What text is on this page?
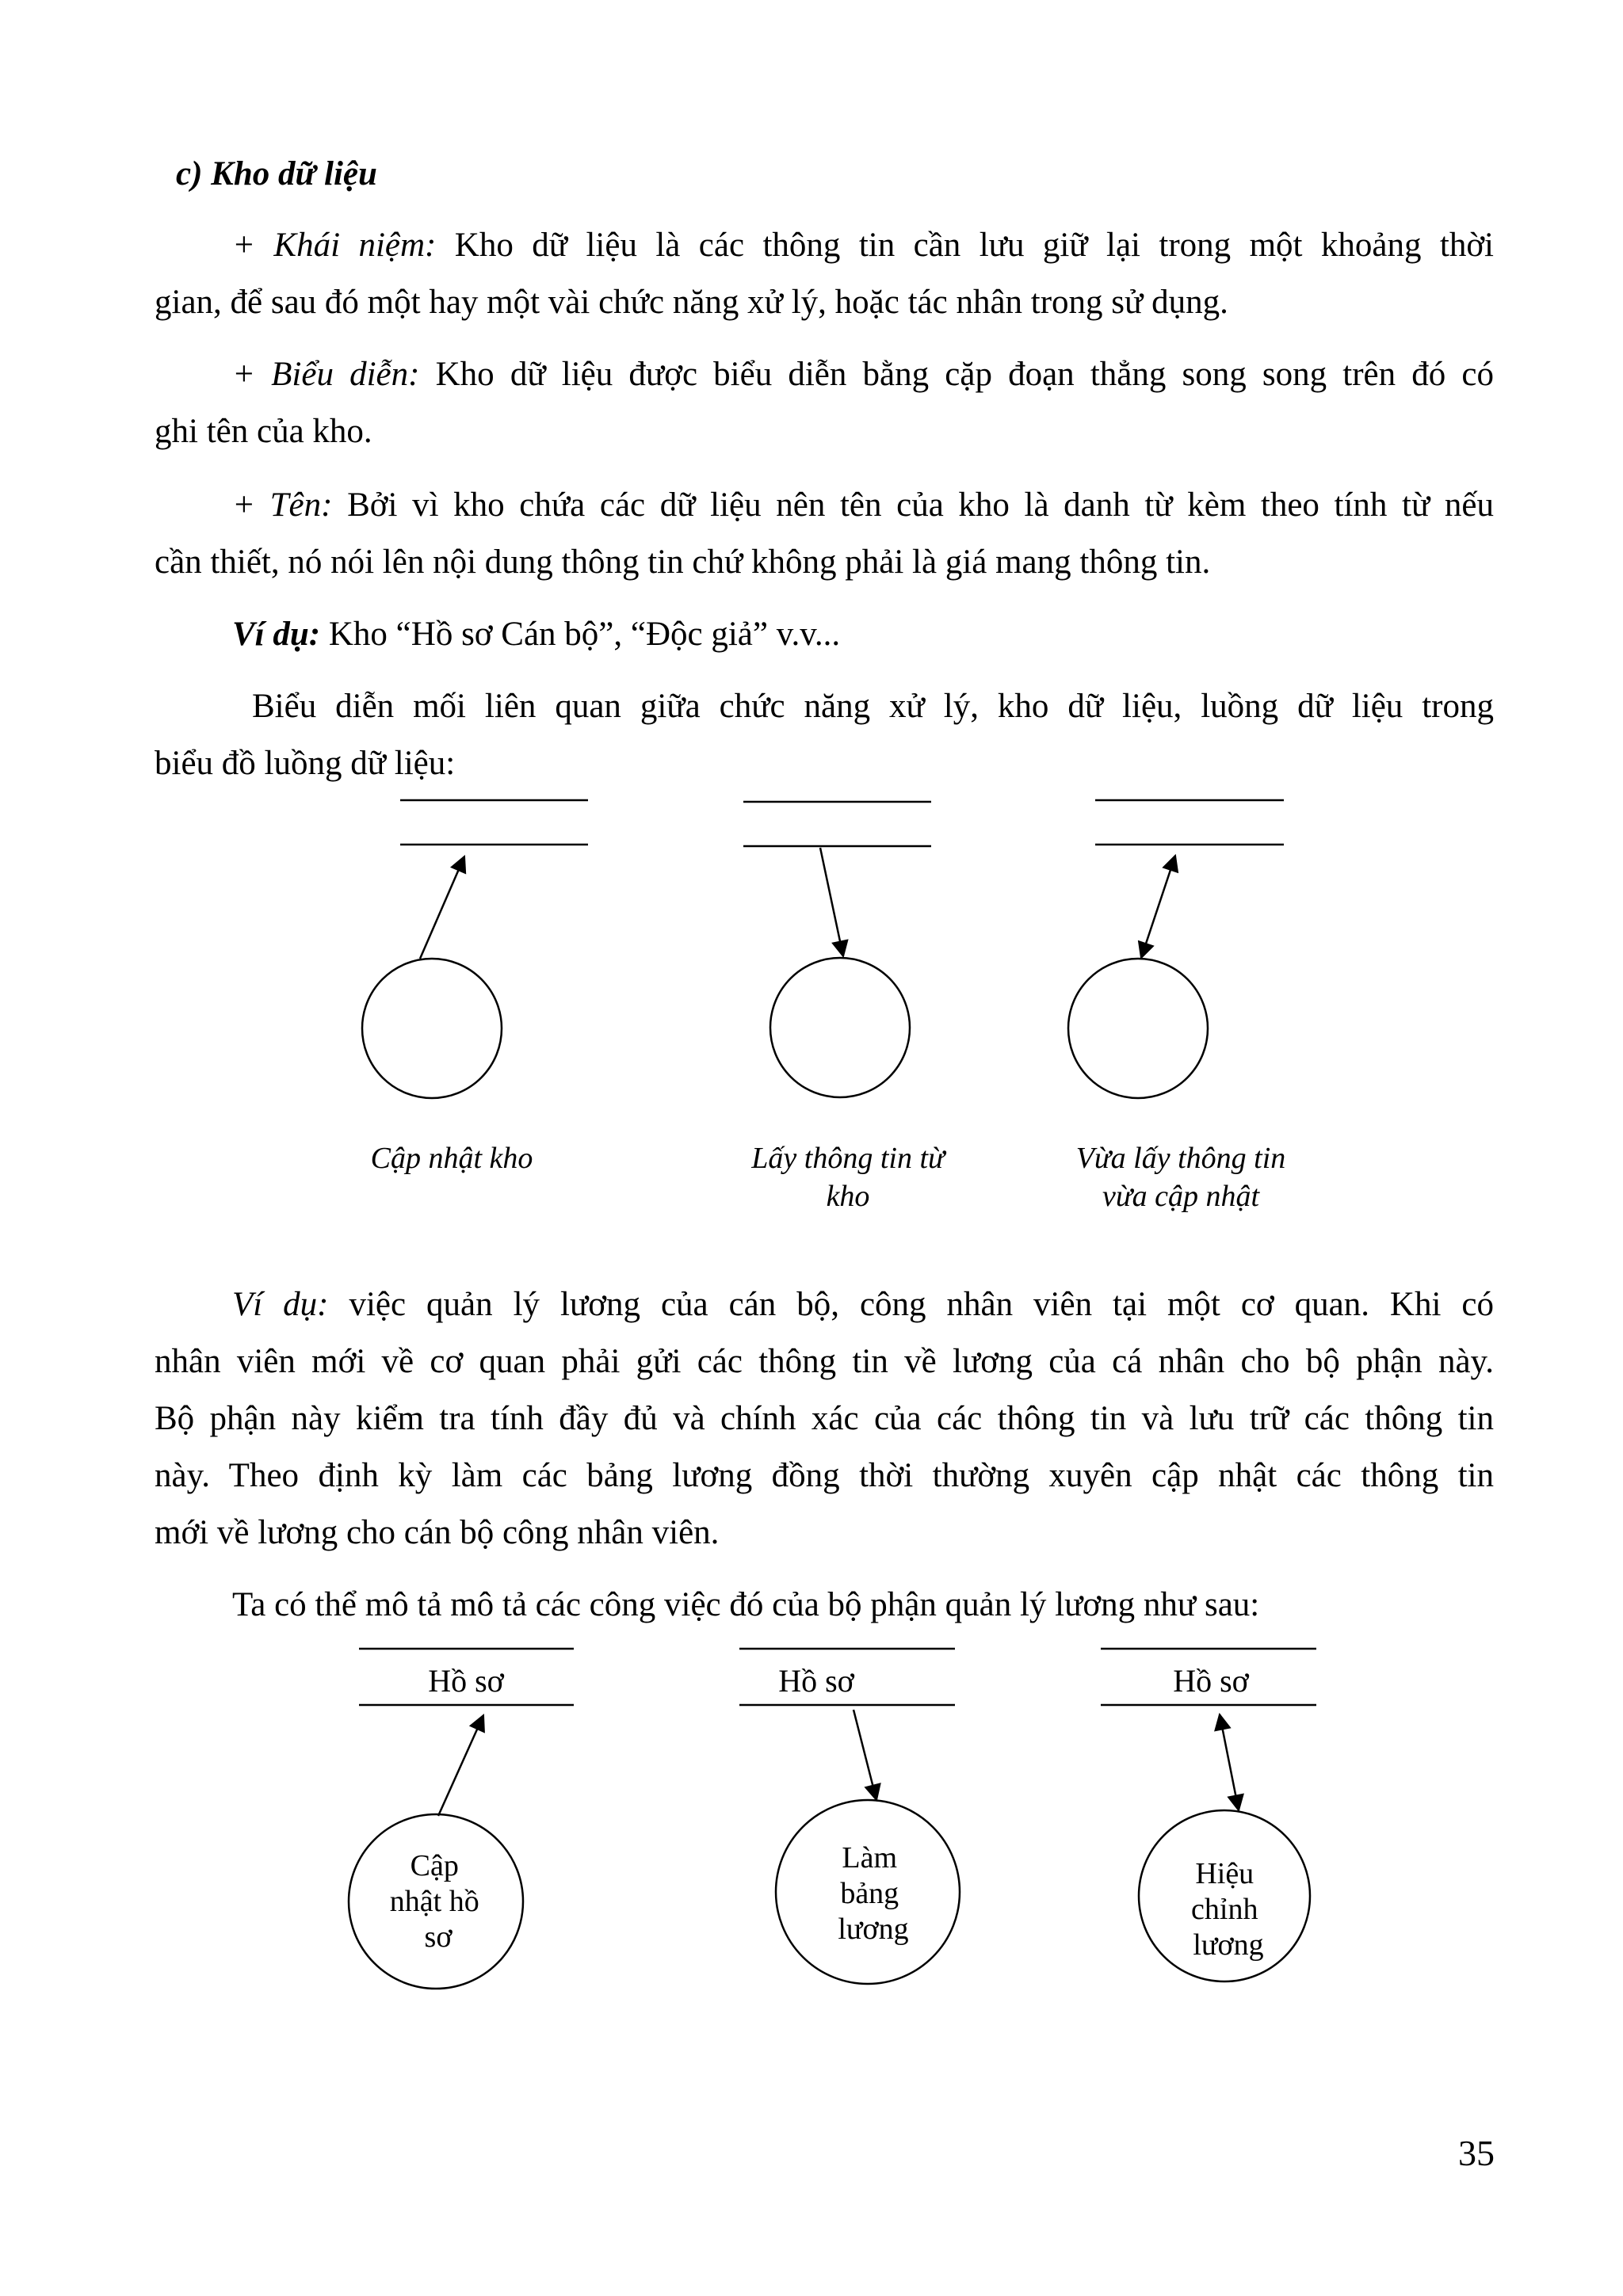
c) Kho dữ liệu
+ Khái niệm: Kho dữ liệu là các thông tin cần lưu giữ lại trong một khoảng thời
gian, để sau đó một hay một vài chức năng xử lý, hoặc tác nhân trong sử dụng.
+ Biểu diễn: Kho dữ liệu được biểu diễn bằng cặp đoạn thẳng song song trên đó có
ghi tên của kho.
+ Tên: Bởi vì kho chứa các dữ liệu nên tên của kho là danh từ kèm theo tính từ nếu
cần thiết, nó nói lên nội dung thông tin chứ không phải là giá mang thông tin.
Ví dụ: Kho “Hồ sơ Cán bộ”, “Độc giả” v.v...
Biểu diễn mối liên quan giữa chức năng xử lý, kho dữ liệu, luồng dữ liệu trong
biểu đồ luồng dữ liệu:
Cập nhật kho	Lấy thông tin từ
kho
Vừa lấy thông tin
vừa cập nhật
Ví dụ: việc quản lý lương của cán bộ, công nhân viên tại một cơ quan. Khi có
nhân viên mới về cơ quan phải gửi các thông tin về lương của cá nhân cho bộ phận này.
Bộ phận này kiểm tra tính đầy đủ và chính xác của các thông tin và lưu trữ các thông tin
này. Theo định kỳ làm các bảng lương đồng thời thường xuyên cập nhật các thông tin
mới về lương cho cán bộ công nhân viên.
Ta có thể mô tả mô tả các công việc đó của bộ phận quản lý lương như sau:
Hồ sơ	Hồ sơ	Hồ sơ
Cập nhật hồ sơ
Làm bảng lương
Hiệu chỉnh lương
35
